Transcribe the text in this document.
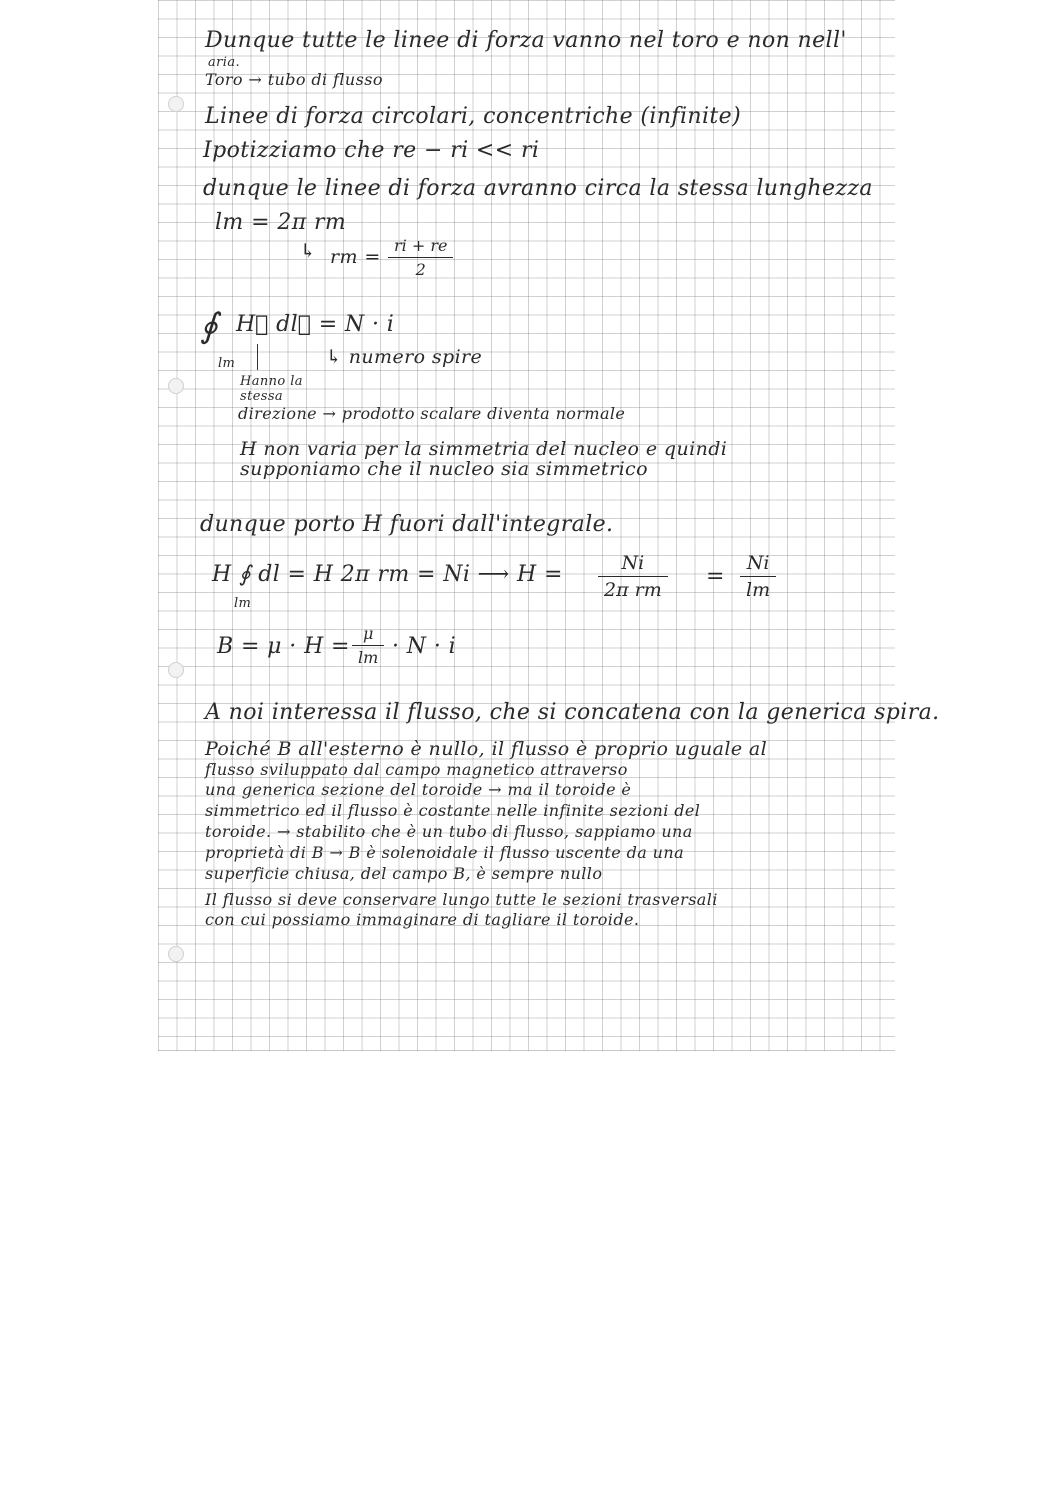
Dunque tutte le linee di forza vanno nel toro e non nell'
aria.
Toro → tubo di flusso
Linee di forza circolari, concentriche (infinite)
Ipotizziamo che re − ri << ri
dunque le linee di forza avranno circa la stessa lunghezza
lm = 2π rm
↳ rm = $\frac{ri + re}{2}$
∮ H⃗ dl⃗ = N · i
lm	↳ numero spire
Hanno la
stessa
direzione → prodotto scalare diventa normale
H non varia per la simmetria del nucleo e quindi
supponiamo che il nucleo sia simmetrico
dunque porto H fuori dall'integrale.
H ∮ dl = H 2π rm = Ni ⟶ H =
lm
$\frac{Ni}{\text{2π rm}} = \frac{Ni}{lm}$
$B = \mu \cdot H = \frac{\mu}{lm} \cdot N \cdot i$
A noi interessa il flusso, che si concatena con la generica spira.
Poiché B all'esterno è nullo, il flusso è proprio uguale al
flusso sviluppato dal campo magnetico attraverso
una generica sezione del toroide → ma il toroide è
simmetrico ed il flusso è costante nelle infinite sezioni del
toroide. → stabilito che è un tubo di flusso, sappiamo una
proprietà di B → B è solenoidale il flusso uscente da una
superficie chiusa, del campo B, è sempre nullo
Il flusso si deve conservare lungo tutte le sezioni trasversali
con cui possiamo immaginare di tagliare il toroide.
